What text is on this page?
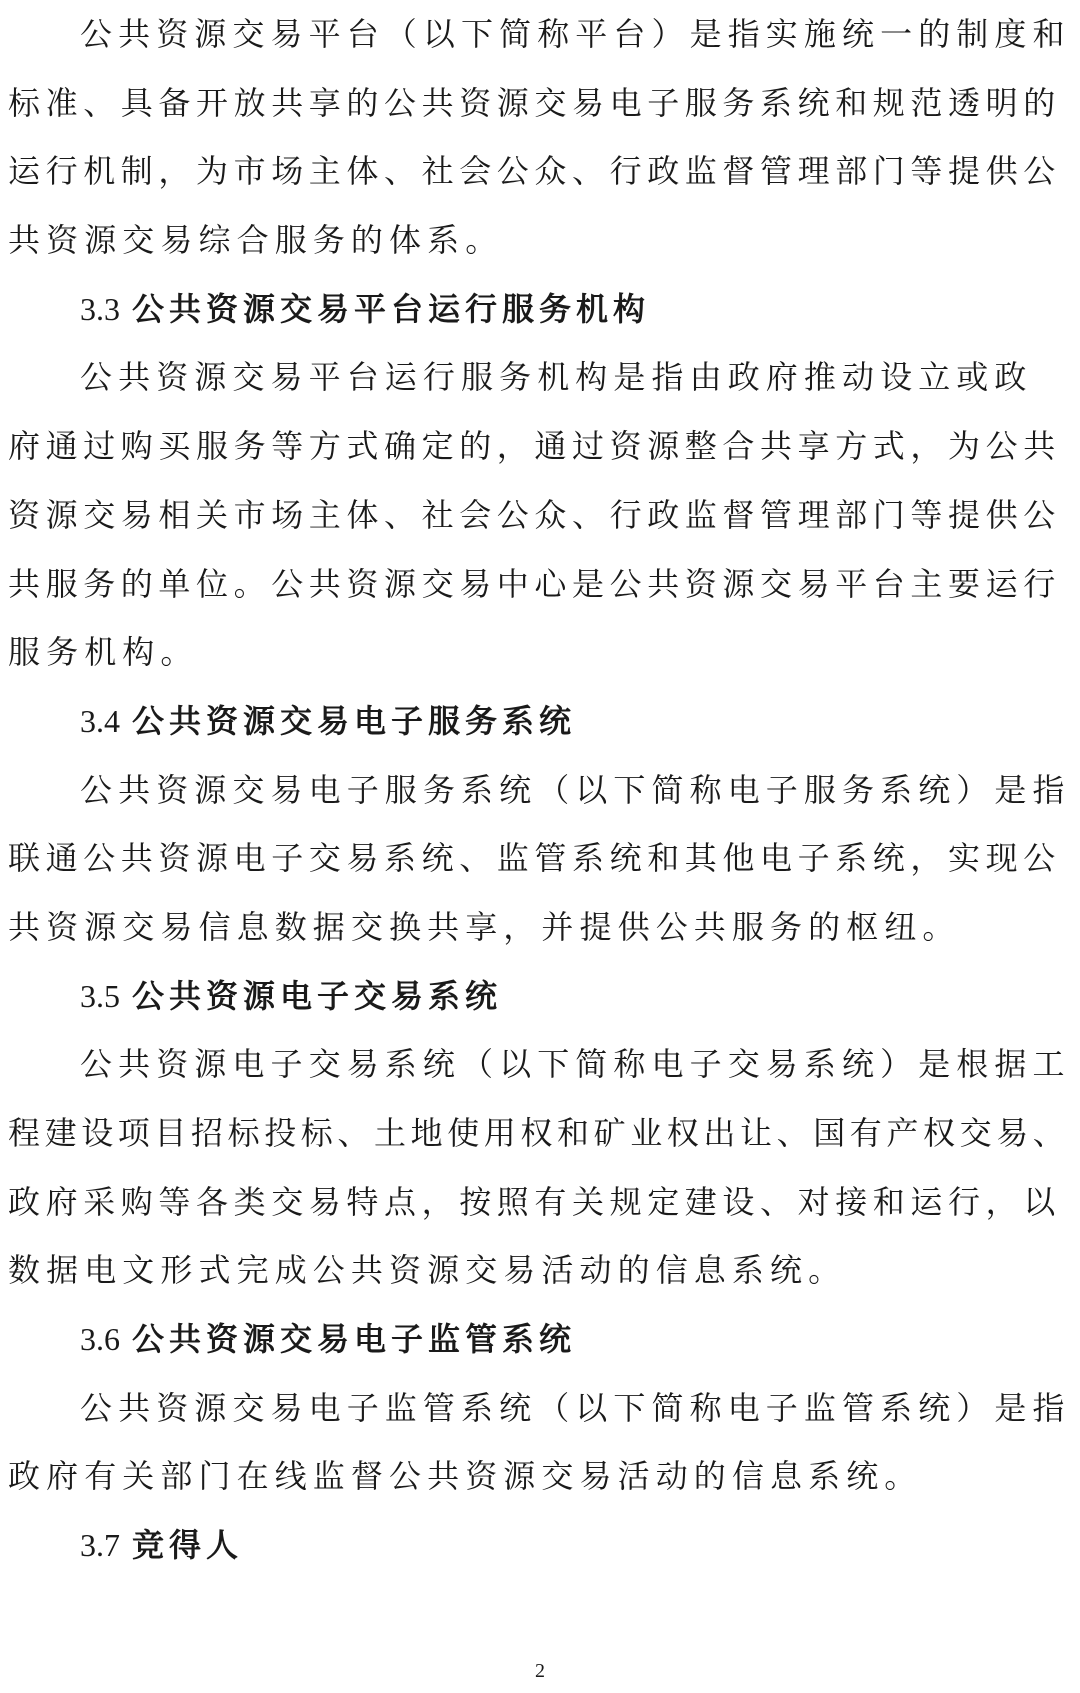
公共资源交易平台（以下简称平台）是指实施统一的制度和
标准、具备开放共享的公共资源交易电子服务系统和规范透明的
运行机制，为市场主体、社会公众、行政监督管理部门等提供公
共资源交易综合服务的体系。
3.3 公共资源交易平台运行服务机构
公共资源交易平台运行服务机构是指由政府推动设立或政
府通过购买服务等方式确定的，通过资源整合共享方式，为公共
资源交易相关市场主体、社会公众、行政监督管理部门等提供公
共服务的单位。公共资源交易中心是公共资源交易平台主要运行
服务机构。
3.4 公共资源交易电子服务系统
公共资源交易电子服务系统（以下简称电子服务系统）是指
联通公共资源电子交易系统、监管系统和其他电子系统，实现公
共资源交易信息数据交换共享，并提供公共服务的枢纽。
3.5 公共资源电子交易系统
公共资源电子交易系统（以下简称电子交易系统）是根据工
程建设项目招标投标、土地使用权和矿业权出让、国有产权交易、
政府采购等各类交易特点，按照有关规定建设、对接和运行，以
数据电文形式完成公共资源交易活动的信息系统。
3.6 公共资源交易电子监管系统
公共资源交易电子监管系统（以下简称电子监管系统）是指
政府有关部门在线监督公共资源交易活动的信息系统。
3.7 竞得人
2
